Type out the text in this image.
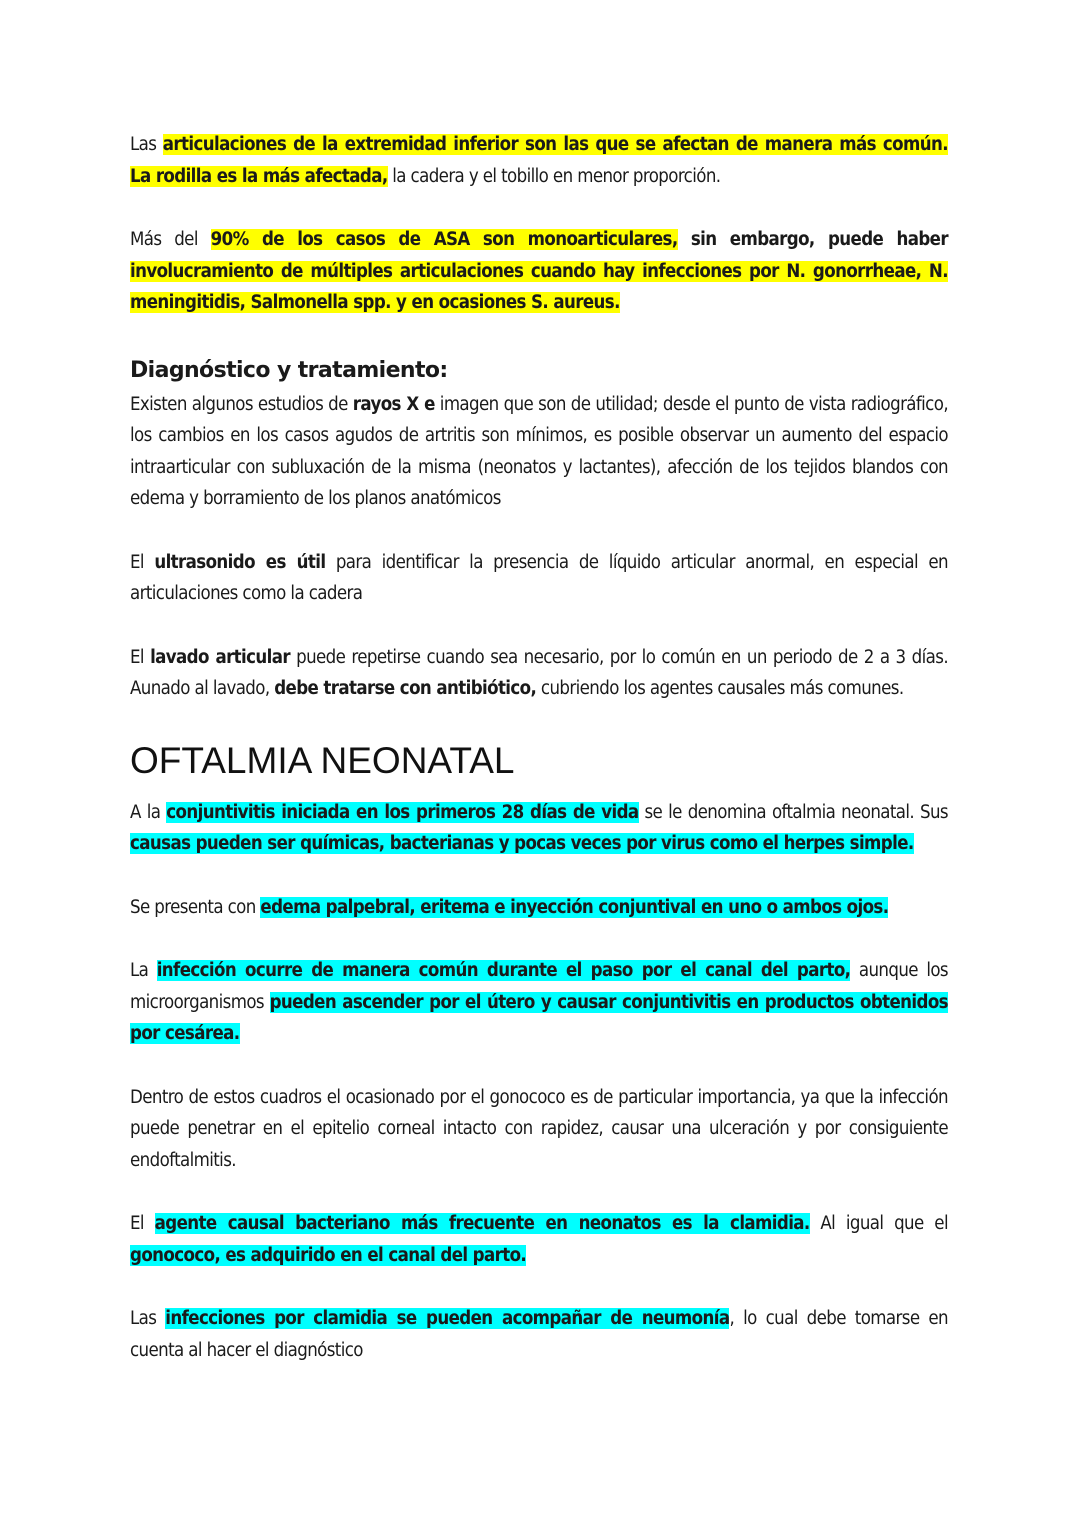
Las articulaciones de la extremidad inferior son las que se afectan de manera más común. La rodilla es la más afectada, la cadera y el tobillo en menor proporción.

Más del 90% de los casos de ASA son monoarticulares, sin embargo, puede haber involucramiento de múltiples articulaciones cuando hay infecciones por N. gonorrheae, N. meningitidis, Salmonella spp. y en ocasiones S. aureus.

Diagnóstico y tratamiento:

Existen algunos estudios de rayos X e imagen que son de utilidad; desde el punto de vista radiográfico, los cambios en los casos agudos de artritis son mínimos, es posible observar un aumento del espacio intraarticular con subluxación de la misma (neonatos y lactantes), afección de los tejidos blandos con edema y borramiento de los planos anatómicos

El ultrasonido es útil para identificar la presencia de líquido articular anormal, en especial en articulaciones como la cadera

El lavado articular puede repetirse cuando sea necesario, por lo común en un periodo de 2 a 3 días. Aunado al lavado, debe tratarse con antibiótico, cubriendo los agentes causales más comunes.

OFTALMIA NEONATAL

A la conjuntivitis iniciada en los primeros 28 días de vida se le denomina oftalmia neonatal. Sus causas pueden ser químicas, bacterianas y pocas veces por virus como el herpes simple.

Se presenta con edema palpebral, eritema e inyección conjuntival en uno o ambos ojos.

La infección ocurre de manera común durante el paso por el canal del parto, aunque los microorganismos pueden ascender por el útero y causar conjuntivitis en productos obtenidos por cesárea.

Dentro de estos cuadros el ocasionado por el gonococo es de particular importancia, ya que la infección puede penetrar en el epitelio corneal intacto con rapidez, causar una ulceración y por consiguiente endoftalmitis.

El agente causal bacteriano más frecuente en neonatos es la clamidia. Al igual que el gonococo, es adquirido en el canal del parto.

Las infecciones por clamidia se pueden acompañar de neumonía, lo cual debe tomarse en cuenta al hacer el diagnóstico
